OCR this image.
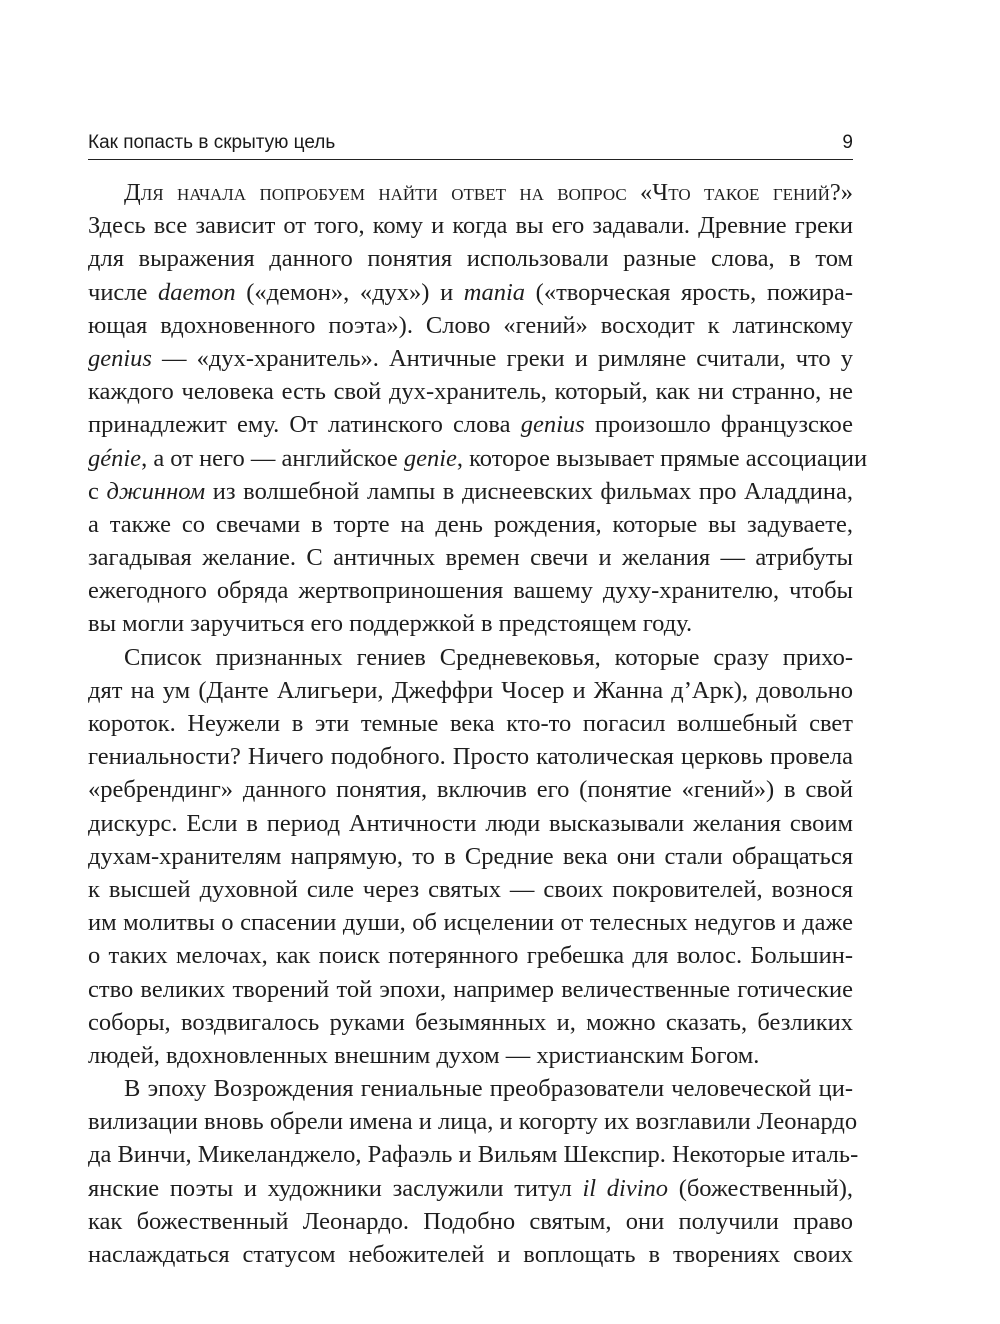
Как попасть в скрытую цель	9
Для начала попробуем найти ответ на вопрос «Что такое гений?»
Здесь все зависит от того, кому и когда вы его задавали. Древние греки
для выражения данного понятия использовали разные слова, в том
числе daemon («демон», «дух») и mania («творческая ярость, пожира-
ющая вдохновенного поэта»). Слово «гений» восходит к латинскому
genius — «дух-хранитель». Античные греки и римляне считали, что у
каждого человека есть свой дух-хранитель, который, как ни странно, не
принадлежит ему. От латинского слова genius произошло французское
génie, а от него — английское genie, которое вызывает прямые ассоциации
с джинном из волшебной лампы в диснеевских фильмах про Аладдина,
а также со свечами в торте на день рождения, которые вы задуваете,
загадывая желание. С античных времен свечи и желания — атрибуты
ежегодного обряда жертвоприношения вашему духу-хранителю, чтобы
вы могли заручиться его поддержкой в предстоящем году.
Список признанных гениев Средневековья, которые сразу прихо-
дят на ум (Данте Алигьери, Джеффри Чосер и Жанна д’Арк), довольно
короток. Неужели в эти темные века кто-то погасил волшебный свет
гениальности? Ничего подобного. Просто католическая церковь провела
«ребрендинг» данного понятия, включив его (понятие «гений») в свой
дискурс. Если в период Античности люди высказывали желания своим
духам-хранителям напрямую, то в Средние века они стали обращаться
к высшей духовной силе через святых — своих покровителей, вознося
им молитвы о спасении души, об исцелении от телесных недугов и даже
о таких мелочах, как поиск потерянного гребешка для волос. Большин-
ство великих творений той эпохи, например величественные готические
соборы, воздвигалось руками безымянных и, можно сказать, безликих
людей, вдохновленных внешним духом — христианским Богом.
В эпоху Возрождения гениальные преобразователи человеческой ци-
вилизации вновь обрели имена и лица, и когорту их возглавили Леонардо
да Винчи, Микеланджело, Рафаэль и Вильям Шекспир. Некоторые италь-
янские поэты и художники заслужили титул il divino (божественный),
как божественный Леонардо. Подобно святым, они получили право
наслаждаться статусом небожителей и воплощать в творениях своих
